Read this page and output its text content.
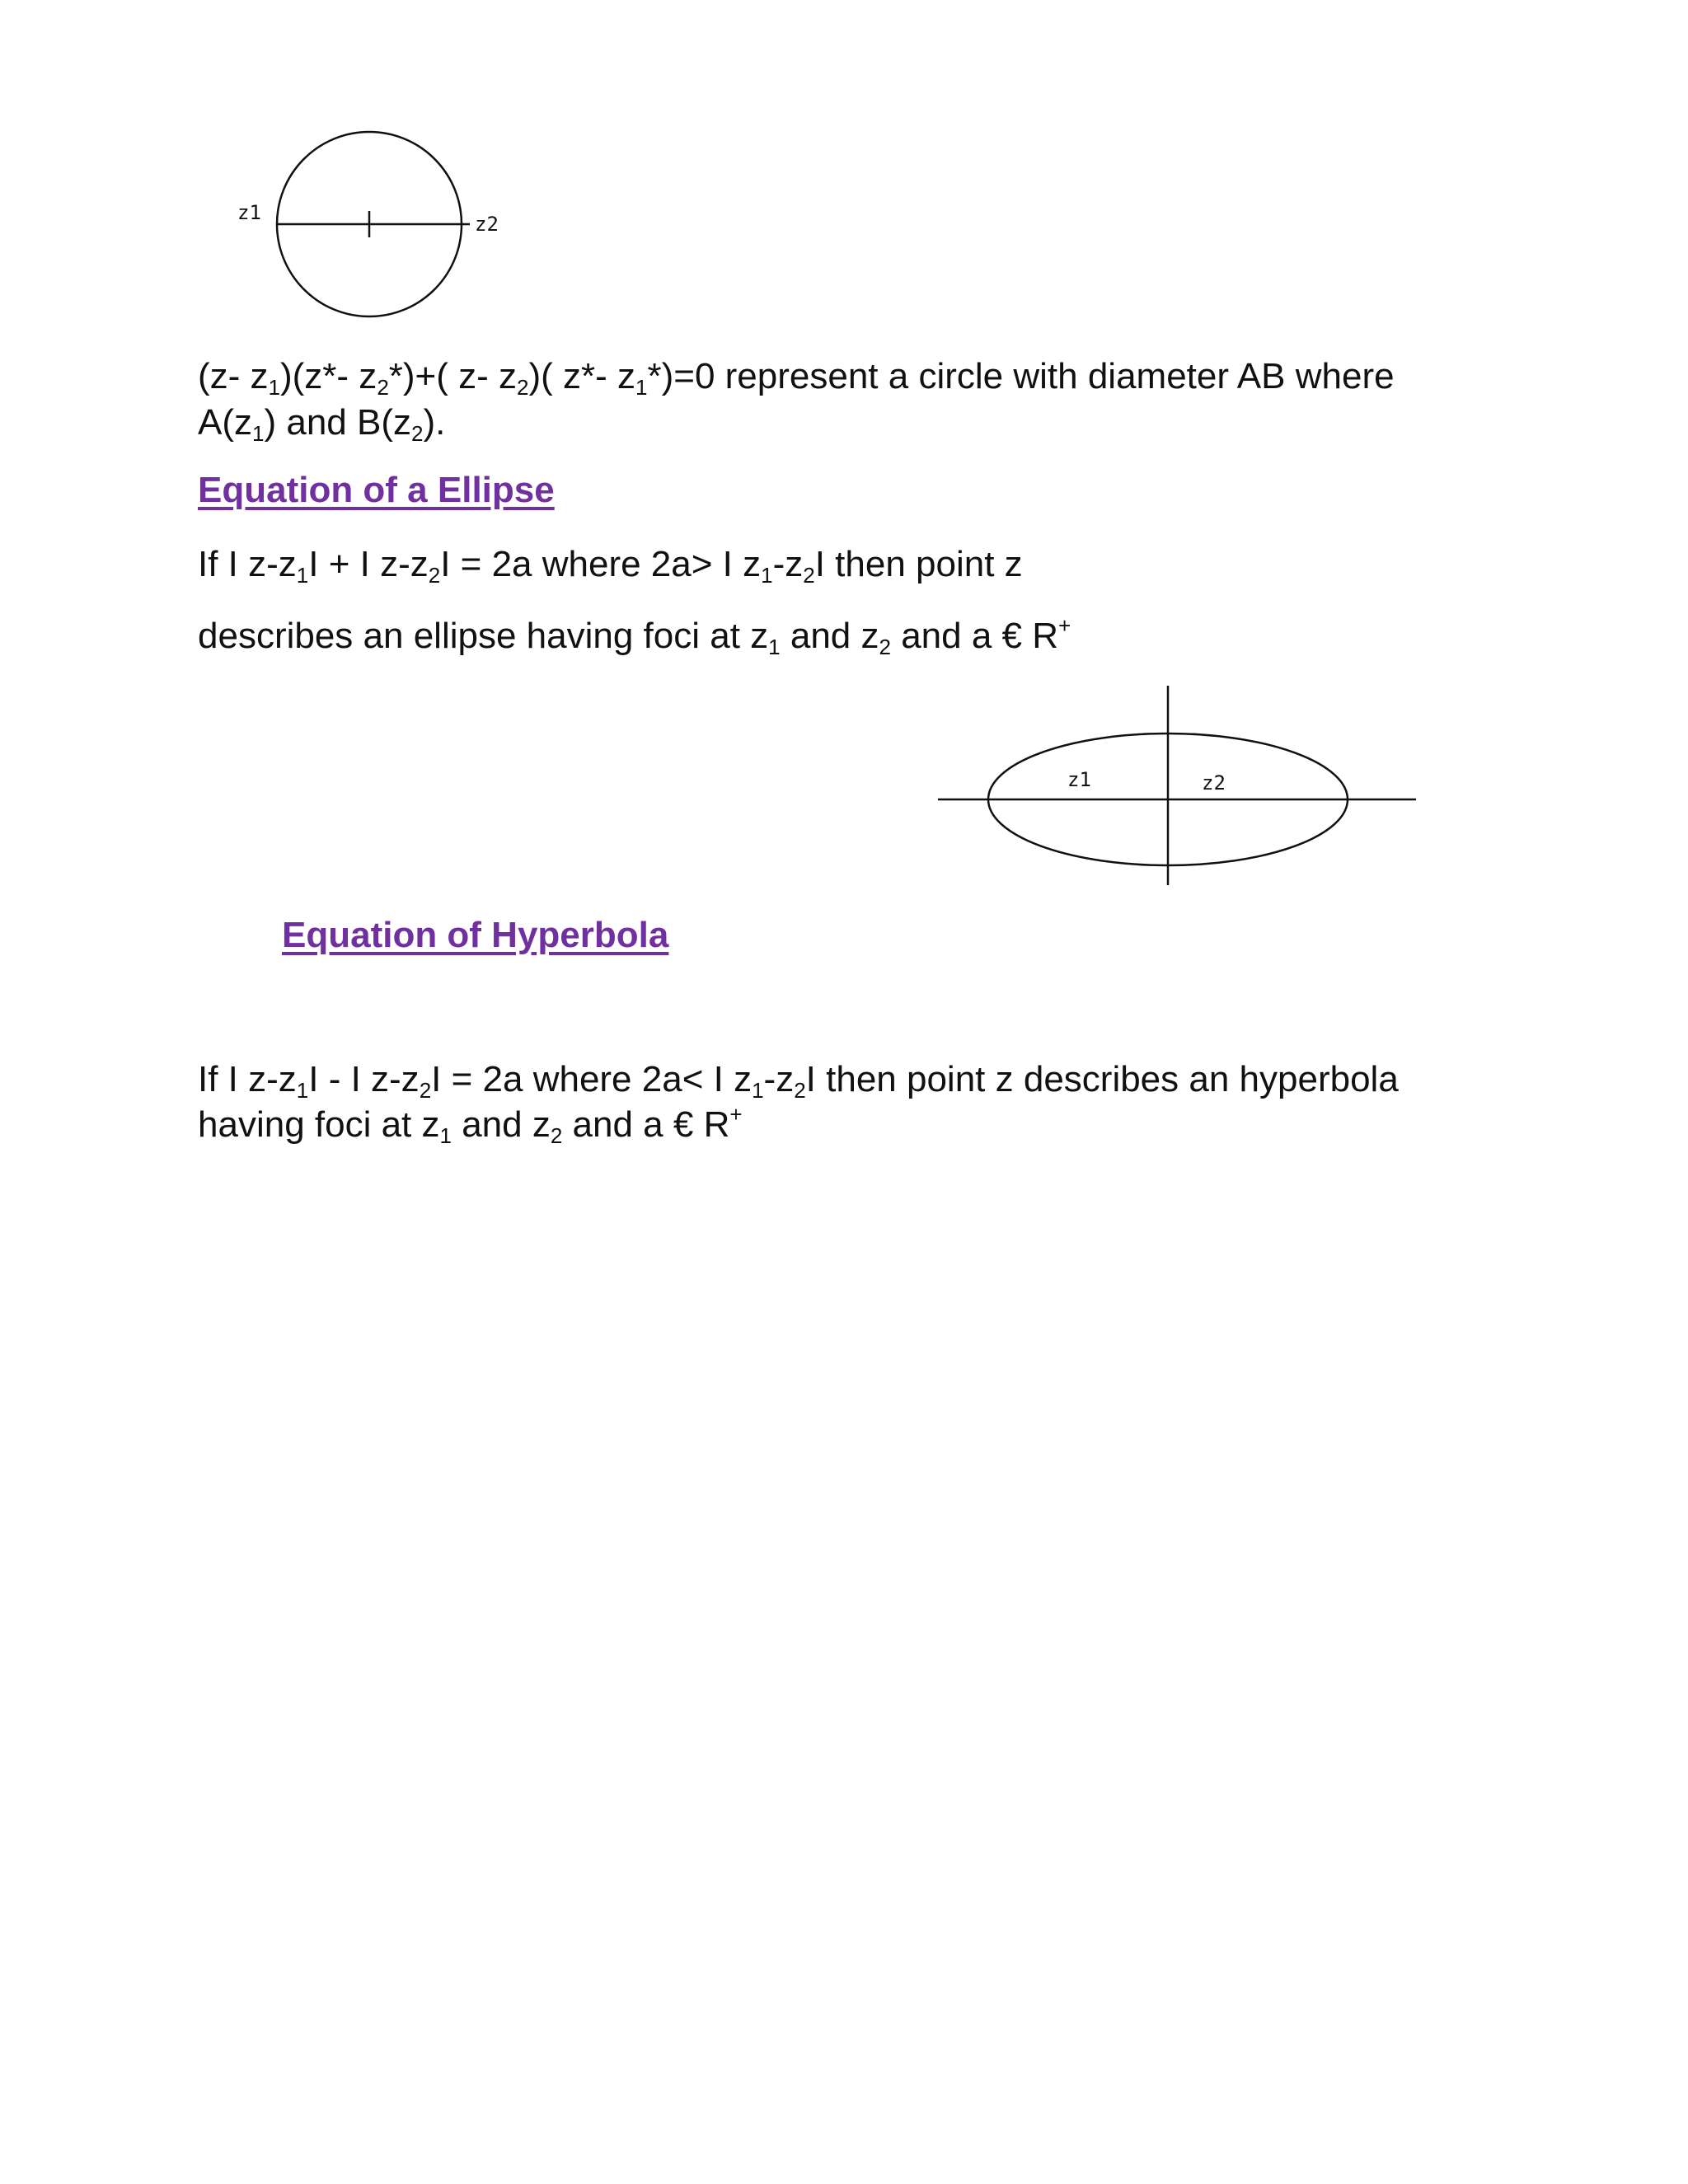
z1	z2
(z- $z_1)(z*-$ $z_2*)+$( z- $z_2$)( z*- $z_1*)=0$ represent a circle with diameter AB where
$A(z_1)$ and $B(z_2)$.
Equation of a Ellipse
If I $z-z_1I + I$ $z-z_2I = 2a$ where 2a> I $z_1-z_2I$ then point z
describes an ellipse having foci at $z_1$ and $z_2$ and a € R+
z1	z2
Equation of Hyperbola
If I $z-z_1I$ - I $z-z_2I = 2a$ where 2a< I $z_1-z_2I$ then point z describes an hyperbola
having foci at $z_1$ and $z_2$ and a € R+
